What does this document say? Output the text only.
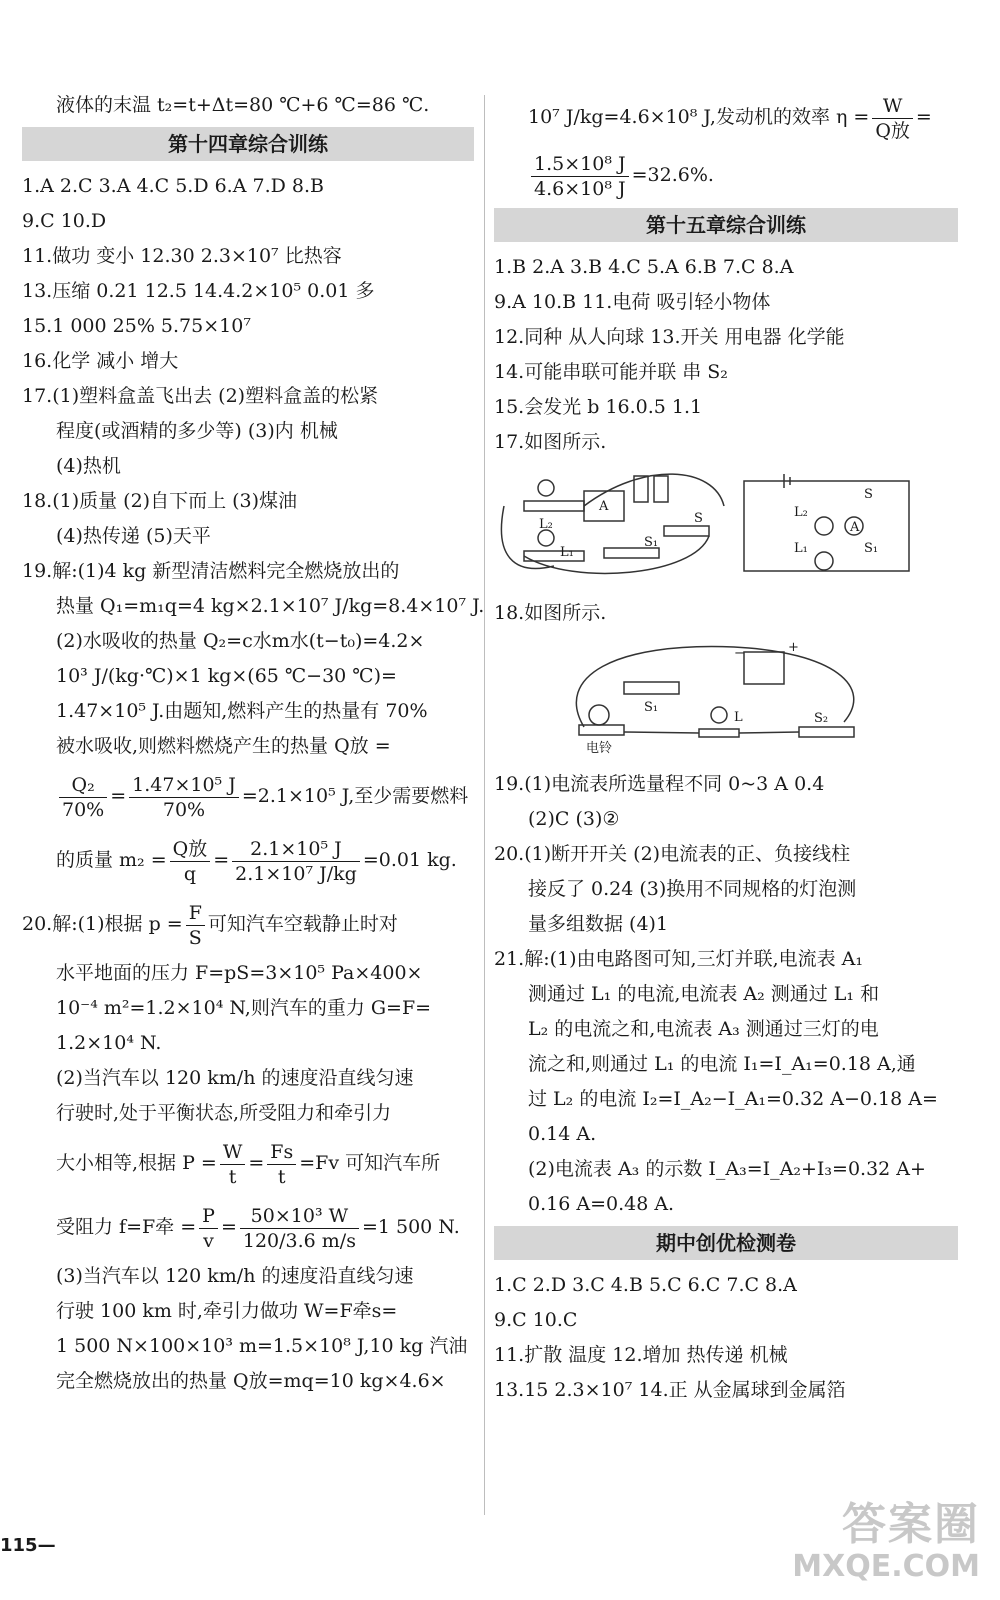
液体的末温 t₂=t+Δt=80 ℃+6 ℃=86 ℃.
第十四章综合训练
1.A 2.C 3.A 4.C 5.D 6.A 7.D 8.B
9.C 10.D
11.做功 变小 12.30 2.3×10⁷ 比热容
13.压缩 0.21 12.5 14.4.2×10⁵ 0.01 多
15.1 000 25% 5.75×10⁷
16.化学 减小 增大
17.(1)塑料盒盖飞出去 (2)塑料盒盖的松紧
程度(或酒精的多少等) (3)内 机械
(4)热机
18.(1)质量 (2)自下而上 (3)煤油
(4)热传递 (5)天平
19.解:(1)4 kg 新型清洁燃料完全燃烧放出的
热量 Q₁=m₁q=4 kg×2.1×10⁷ J/kg=8.4×10⁷ J.
(2)水吸收的热量 Q₂=c水m水(t−t₀)=4.2×
10³ J/(kg·℃)×1 kg×(65 ℃−30 ℃)=
1.47×10⁵ J.由题知,燃料产生的热量有 70%
被水吸收,则燃料燃烧产生的热量 Q放 =
$\frac{\text{Q₂}}{70\%} = \frac{\text{1.47×10⁵ J}}{70\%} =2.1\times 10^5$ J,至少需要燃料
的质量 $m_2 = \frac{\text{Q放}}{q} = \frac{\text{2.1×10⁵ J}}{\text{2.1×10⁷ J/kg}} =0.01$ kg.
20.解:(1)根据 $p = \frac{F}{S}$ 可知汽车空载静止时对
水平地面的压力 F=pS=3×10⁵ Pa×400×
10⁻⁴ m²=1.2×10⁴ N,则汽车的重力 G=F=
1.2×10⁴ N.
(2)当汽车以 120 km/h 的速度沿直线匀速
行驶时,处于平衡状态,所受阻力和牵引力
大小相等,根据 $P = \frac{W}{t} = \frac{Fs}{t} =Fv$ 可知汽车所
受阻力 f=F牵 = $\frac{P}{v} = \frac{\text{50×10³ W}}{120/3.6 m/s} =1$ 500 N.
(3)当汽车以 120 km/h 的速度沿直线匀速
行驶 100 km 时,牵引力做功 W=F牵s=
1 500 N×100×10³ m=1.5×10⁸ J,10 kg 汽油
完全燃烧放出的热量 Q放=mq=10 kg×4.6×
115—
10⁷ J/kg=4.6×10⁸ J,发动机的效率 $\eta = \frac{W}{\text{Q放}}$ =
$\frac{\text{1.5×10⁸ J}}{\text{4.6×10⁸ J}} =32.6\%$.
第十五章综合训练
1.B 2.A 3.B 4.C 5.A 6.B 7.C 8.A
9.A 10.B 11.电荷 吸引轻小物体
12.同种 从人向球 13.开关 用电器 化学能
14.可能串联可能并联 串 S₂
15.会发光 b 16.0.5 1.1
17.如图所示.
L₂
L₁
A
S
S₁
L₂
A
S
L₁	S₁
18.如图所示.
S₁
L	S₂
电铃
+
−
19.(1)电流表所选量程不同 0~3 A 0.4
(2)C (3)②
20.(1)断开开关 (2)电流表的正、负接线柱
接反了 0.24 (3)换用不同规格的灯泡测
量多组数据 (4)1
21.解:(1)由电路图可知,三灯并联,电流表 A₁
测通过 L₁ 的电流,电流表 A₂ 测通过 L₁ 和
L₂ 的电流之和,电流表 A₃ 测通过三灯的电
流之和,则通过 L₁ 的电流 I₁=I_A₁=0.18 A,通
过 L₂ 的电流 I₂=I_A₂−I_A₁=0.32 A−0.18 A=
0.14 A.
(2)电流表 A₃ 的示数 I_A₃=I_A₂+I₃=0.32 A+
0.16 A=0.48 A.
期中创优检测卷
1.C 2.D 3.C 4.B 5.C 6.C 7.C 8.A
9.C 10.C
11.扩散 温度 12.增加 热传递 机械
13.15 2.3×10⁷ 14.正 从金属球到金属箔
答案圈
MXQE.COM
